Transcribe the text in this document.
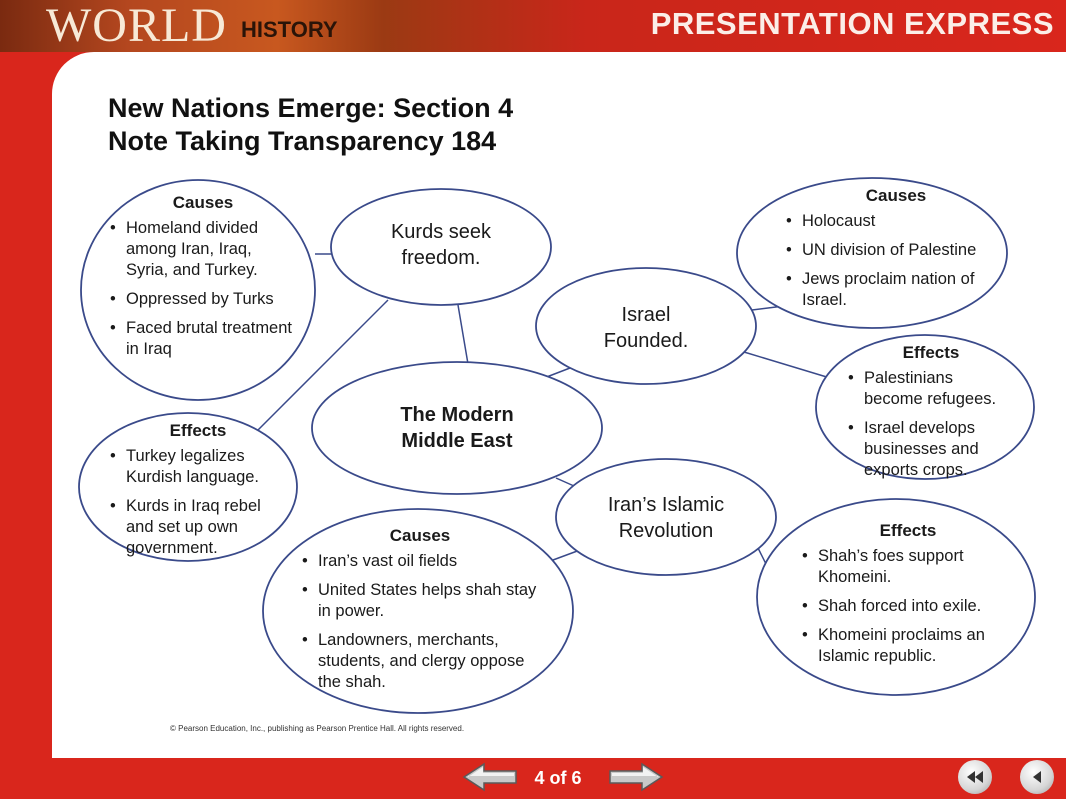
WORLD HISTORY	PRESENTATION EXPRESS
New Nations Emerge: Section 4
Note Taking Transparency 184
Causes
• Homeland divided among Iran, Iraq, Syria, and Turkey.
• Oppressed by Turks
• Faced brutal treatment in Iraq
Kurds seek
freedom.
Causes
• Holocaust
• UN division of Palestine
• Jews proclaim nation of Israel.
Israel
Founded.
The Modern
Middle East
Effects
• Palestinians become refugees.
• Israel develops businesses and exports crops.
Effects
• Turkey legalizes Kurdish language.
• Kurds in Iraq rebel and set up own government.
Iran’s Islamic
Revolution
Causes
• Iran’s vast oil fields
• United States helps shah stay in power.
• Landowners, merchants, students, and clergy oppose the shah.
Effects
• Shah’s foes support Khomeini.
• Shah forced into exile.
• Khomeini proclaims an Islamic republic.
© Pearson Education, Inc., publishing as Pearson Prentice Hall. All rights reserved.
4 of 6
